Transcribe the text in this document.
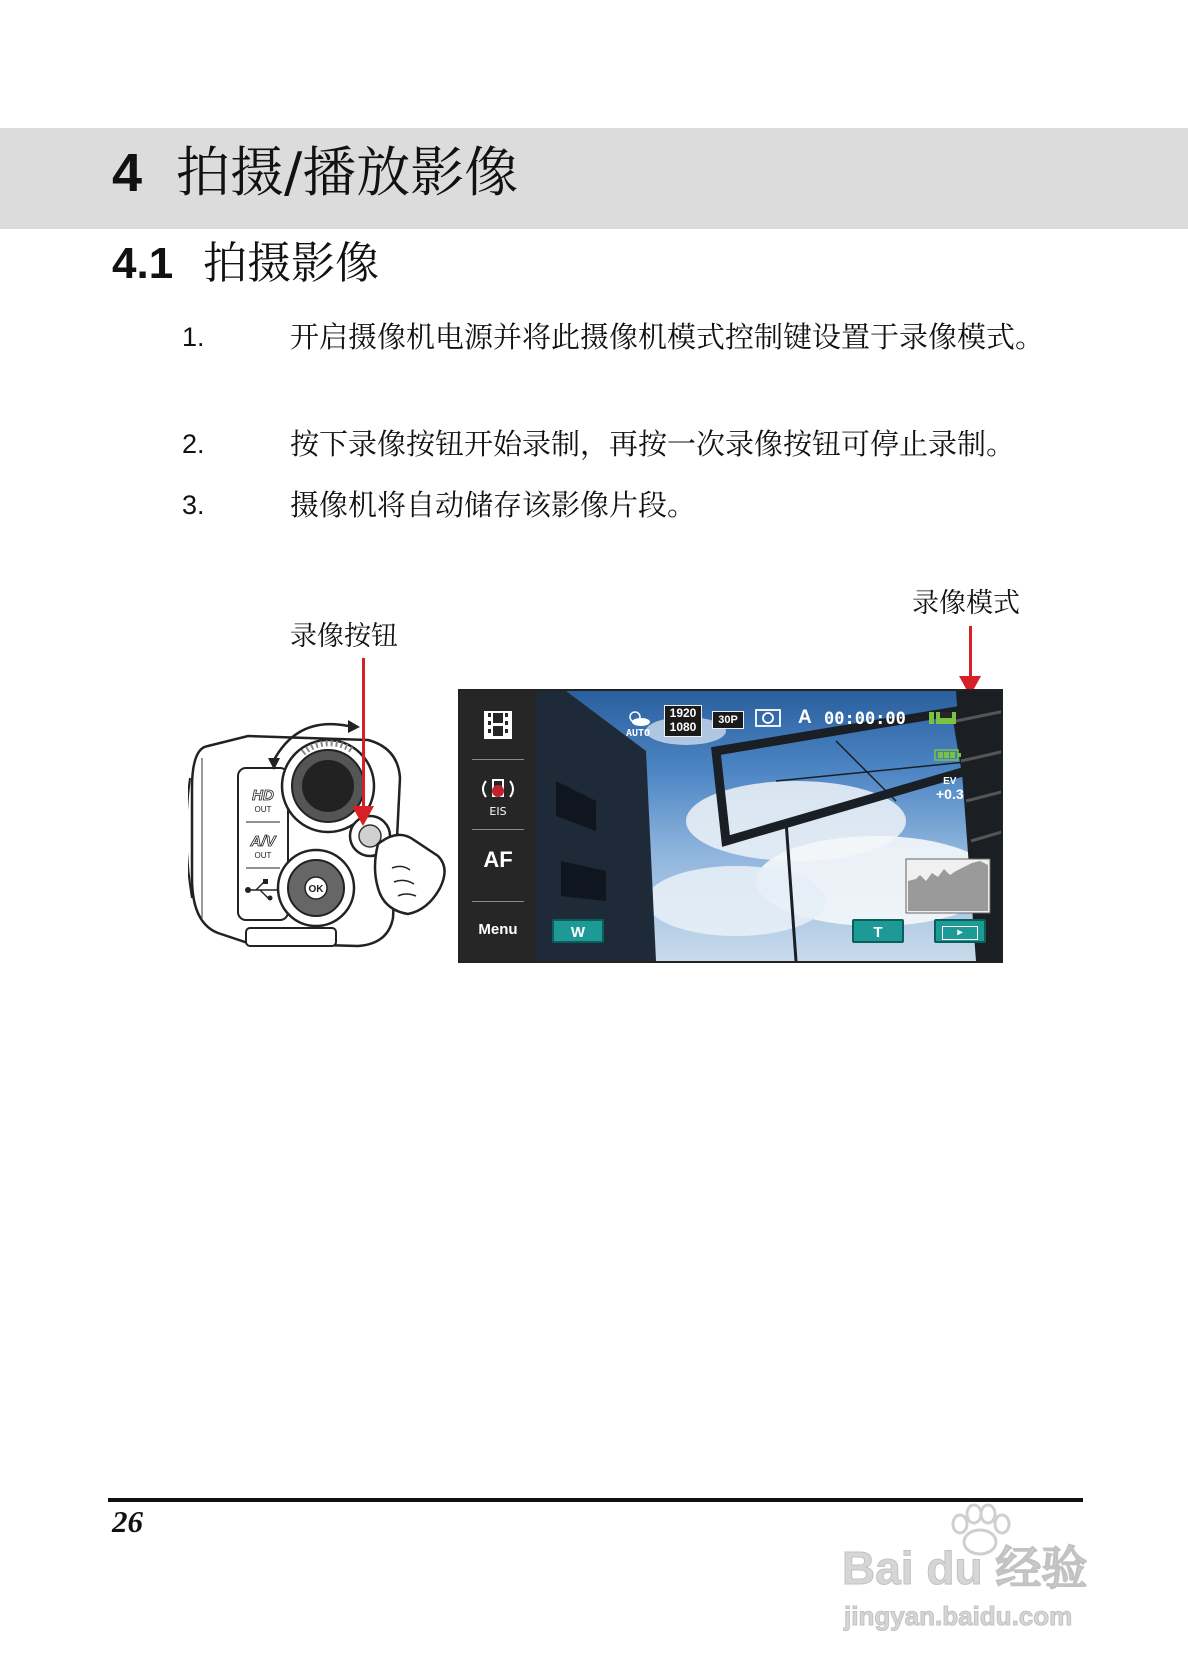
4 拍摄/播放影像
4.1 拍摄影像
1.	开启摄像机电源并将此摄像机模式控制键设置于录像模式。
2.	按下录像按钮开始录制，再按一次录像按钮可停止录制。
3.	摄像机将自动储存该影像片段。
录像按钮
录像模式
HD
OUT
A/V
OUT
OK
EIS
AF
Menu
AUTO
1920
1080	30P	A 00:00:00
EV
+0.3
W	T	▸
26
Bai du 经验
jingyan.baidu.com
